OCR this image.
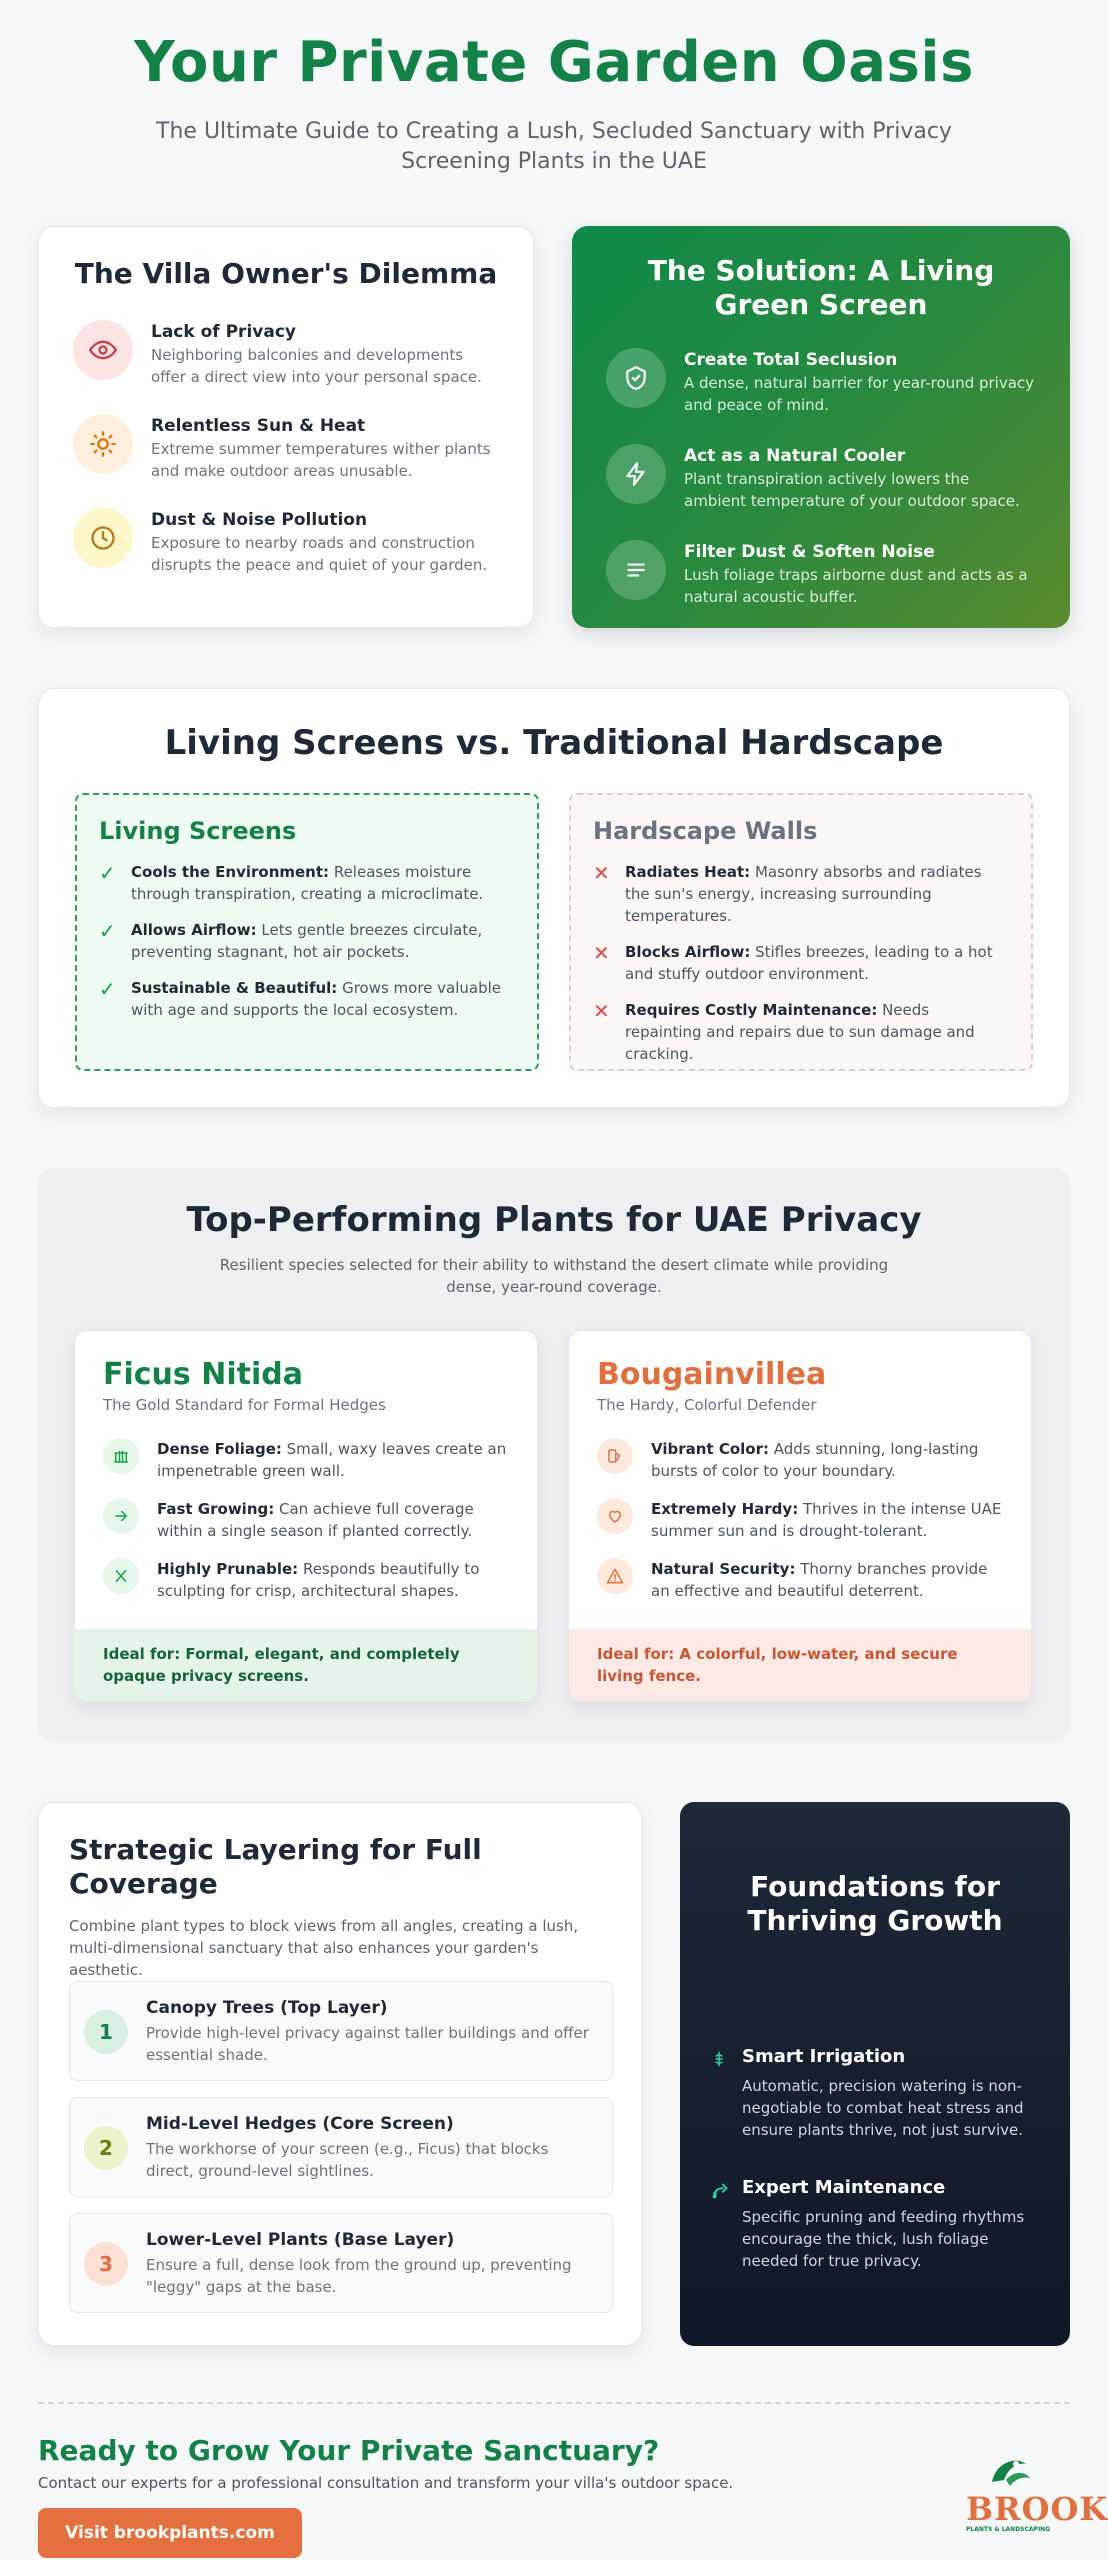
Your Private Garden Oasis

The Ultimate Guide to Creating a Lush, Secluded Sanctuary with Privacy Screening Plants in the UAE

The Villa Owner's Dilemma
Lack of Privacy

Neighboring balconies and developments offer a direct view into your personal space.

Relentless Sun & Heat

Extreme summer temperatures wither plants and make outdoor areas unusable.

Dust & Noise Pollution

Exposure to nearby roads and construction disrupts the peace and quiet of your garden.

The Solution: A Living Green Screen
Create Total Seclusion

A dense, natural barrier for year-round privacy and peace of mind.

Act as a Natural Cooler

Plant transpiration actively lowers the ambient temperature of your outdoor space.

Filter Dust & Soften Noise

Lush foliage traps airborne dust and acts as a natural acoustic buffer.

Living Screens vs. Traditional Hardscape
Living Screens
✓	Cools the Environment: Releases moisture through transpiration, creating a microclimate.
✓	Allows Airflow: Lets gentle breezes circulate, preventing stagnant, hot air pockets.
✓	Sustainable & Beautiful: Grows more valuable with age and supports the local ecosystem.
Hardscape Walls
✕	Radiates Heat: Masonry absorbs and radiates the sun's energy, increasing surrounding temperatures.
✕	Blocks Airflow: Stifles breezes, leading to a hot and stuffy outdoor environment.
✕	Requires Costly Maintenance: Needs repainting and repairs due to sun damage and cracking.
Top-Performing Plants for UAE Privacy

Resilient species selected for their ability to withstand the desert climate while providing dense, year-round coverage.

Ficus Nitida
The Gold Standard for Formal Hedges
Dense Foliage: Small, waxy leaves create an impenetrable green wall.
Fast Growing: Can achieve full coverage within a single season if planted correctly.
Highly Prunable: Responds beautifully to sculpting for crisp, architectural shapes.
Ideal for: Formal, elegant, and completely opaque privacy screens.
Bougainvillea
The Hardy, Colorful Defender
Vibrant Color: Adds stunning, long-lasting bursts of color to your boundary.
Extremely Hardy: Thrives in the intense UAE summer sun and is drought-tolerant.
Natural Security: Thorny branches provide an effective and beautiful deterrent.
Ideal for: A colorful, low-water, and secure living fence.
Strategic Layering for Full Coverage

Combine plant types to block views from all angles, creating a lush, multi-dimensional sanctuary that also enhances your garden's aesthetic.

1
Canopy Trees (Top Layer)

Provide high-level privacy against taller buildings and offer essential shade.

2
Mid-Level Hedges (Core Screen)

The workhorse of your screen (e.g., Ficus) that blocks direct, ground-level sightlines.

3
Lower-Level Plants (Base Layer)

Ensure a full, dense look from the ground up, preventing "leggy" gaps at the base.

Foundations for Thriving Growth
Smart Irrigation

Automatic, precision watering is non-negotiable to combat heat stress and ensure plants thrive, not just survive.

Expert Maintenance

Specific pruning and feeding rhythms encourage the thick, lush foliage needed for true privacy.

Ready to Grow Your Private Sanctuary?
Contact our experts for a professional consultation and transform your villa's outdoor space.
Visit brookplants.com
BROOK
PLANTS & LANDSCAPING
